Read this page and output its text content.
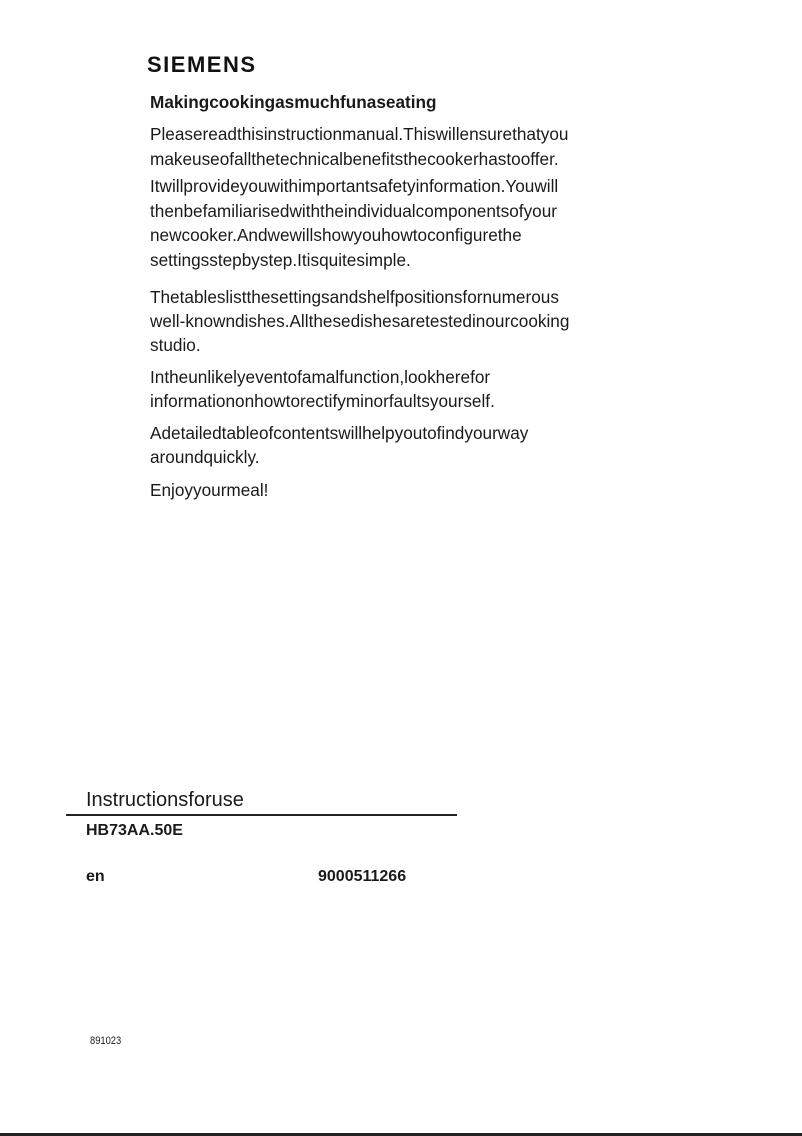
SIEMENS
Makingcookingasmuchfunaseating
Pleasereadthisinstructionmanual.Thiswillensurethatyou
makeuseofallthetechnicalbenefitsthecookerhastooffer.
Itwillprovideyouwithimportantsafetyinformation.Youwill
thenbefamiliarisedwiththeindividualcomponentsofyour
newcooker.Andwewillshowyouhowtoconfigurethe
settingsstepbystep.Itisquitesimple.
Thetableslistthesettingsandshelfpositionsfornumerous
well-knowndishes.Allthesedishesaretestedinourcooking
studio.
Intheunlikelyeventofamalfunction,lookherefor
informationonhowtorectifyminorfaultsyourself.
Adetailedtableofcontentswillhelpyoutofindyourway
aroundquickly.
Enjoyyourmeal!
Instructionsforuse
HB73AA.50E
en	9000511266
891023
